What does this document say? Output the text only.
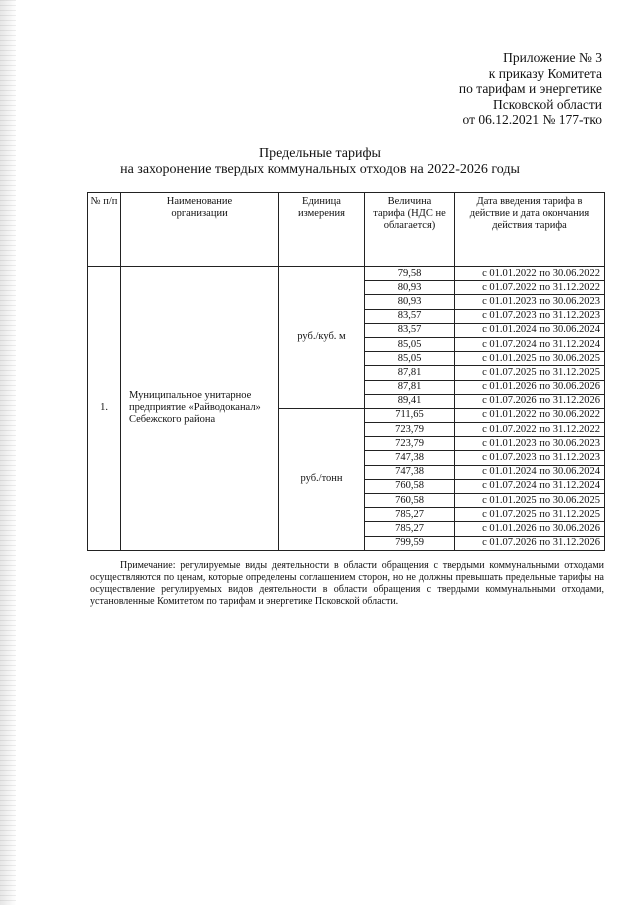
Приложение № 3
к приказу Комитета
по тарифам и энергетике
Псковской области
от 06.12.2021 № 177-тко
Предельные тарифы
на захоронение твердых коммунальных отходов на 2022-2026 годы
№ п/п	Наименование организации	Единица измерения	Величина тарифа (НДС не облагается)	Дата введения тарифа в действие и дата окончания действия тарифа
1.	Муниципальное унитарное предприятие «Райводоканал» Себежского района	руб./куб. м	79,58	с 01.01.2022 по 30.06.2022
			80,93	с 01.07.2022 по 31.12.2022
			80,93	с 01.01.2023 по 30.06.2023
			83,57	с 01.07.2023 по 31.12.2023
			83,57	с 01.01.2024 по 30.06.2024
			85,05	с 01.07.2024 по 31.12.2024
			85,05	с 01.01.2025 по 30.06.2025
			87,81	с 01.07.2025 по 31.12.2025
			87,81	с 01.01.2026 по 30.06.2026
			89,41	с 01.07.2026 по 31.12.2026
		руб./тонн	711,65	с 01.01.2022 по 30.06.2022
			723,79	с 01.07.2022 по 31.12.2022
			723,79	с 01.01.2023 по 30.06.2023
			747,38	с 01.07.2023 по 31.12.2023
			747,38	с 01.01.2024 по 30.06.2024
			760,58	с 01.07.2024 по 31.12.2024
			760,58	с 01.01.2025 по 30.06.2025
			785,27	с 01.07.2025 по 31.12.2025
			785,27	с 01.01.2026 по 30.06.2026
			799,59	с 01.07.2026 по 31.12.2026
Примечание: регулируемые виды деятельности в области обращения с твердыми коммунальными отходами осуществляются по ценам, которые определены соглашением сторон, но не должны превышать предельные тарифы на осуществление регулируемых видов деятельности в области обращения с твердыми коммунальными отходами, установленные Комитетом по тарифам и энергетике Псковской области.
